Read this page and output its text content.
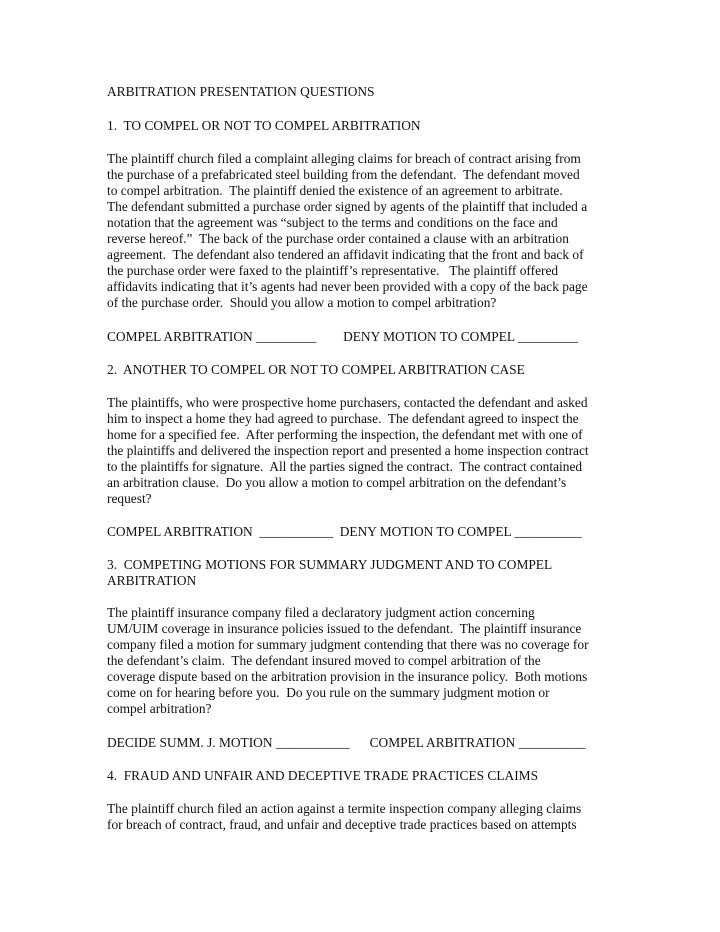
ARBITRATION PRESENTATION QUESTIONS
1.  TO COMPEL OR NOT TO COMPEL ARBITRATION
The plaintiff church filed a complaint alleging claims for breach of contract arising from
the purchase of a prefabricated steel building from the defendant.  The defendant moved
to compel arbitration.  The plaintiff denied the existence of an agreement to arbitrate.
The defendant submitted a purchase order signed by agents of the plaintiff that included a
notation that the agreement was “subject to the terms and conditions on the face and
reverse hereof.”  The back of the purchase order contained a clause with an arbitration
agreement.  The defendant also tendered an affidavit indicating that the front and back of
the purchase order were faxed to the plaintiff’s representative.   The plaintiff offered
affidavits indicating that it’s agents had never been provided with a copy of the back page
of the purchase order.  Should you allow a motion to compel arbitration?
COMPEL ARBITRATION _________        DENY MOTION TO COMPEL _________
2.  ANOTHER TO COMPEL OR NOT TO COMPEL ARBITRATION CASE
The plaintiffs, who were prospective home purchasers, contacted the defendant and asked
him to inspect a home they had agreed to purchase.  The defendant agreed to inspect the
home for a specified fee.  After performing the inspection, the defendant met with one of
the plaintiffs and delivered the inspection report and presented a home inspection contract
to the plaintiffs for signature.  All the parties signed the contract.  The contract contained
an arbitration clause.  Do you allow a motion to compel arbitration on the defendant’s
request?
COMPEL ARBITRATION  ___________  DENY MOTION TO COMPEL __________
3.  COMPETING MOTIONS FOR SUMMARY JUDGMENT AND TO COMPEL
ARBITRATION
The plaintiff insurance company filed a declaratory judgment action concerning
UM/UIM coverage in insurance policies issued to the defendant.  The plaintiff insurance
company filed a motion for summary judgment contending that there was no coverage for
the defendant’s claim.  The defendant insured moved to compel arbitration of the
coverage dispute based on the arbitration provision in the insurance policy.  Both motions
come on for hearing before you.  Do you rule on the summary judgment motion or
compel arbitration?
DECIDE SUMM. J. MOTION ___________      COMPEL ARBITRATION __________
4.  FRAUD AND UNFAIR AND DECEPTIVE TRADE PRACTICES CLAIMS
The plaintiff church filed an action against a termite inspection company alleging claims
for breach of contract, fraud, and unfair and deceptive trade practices based on attempts
